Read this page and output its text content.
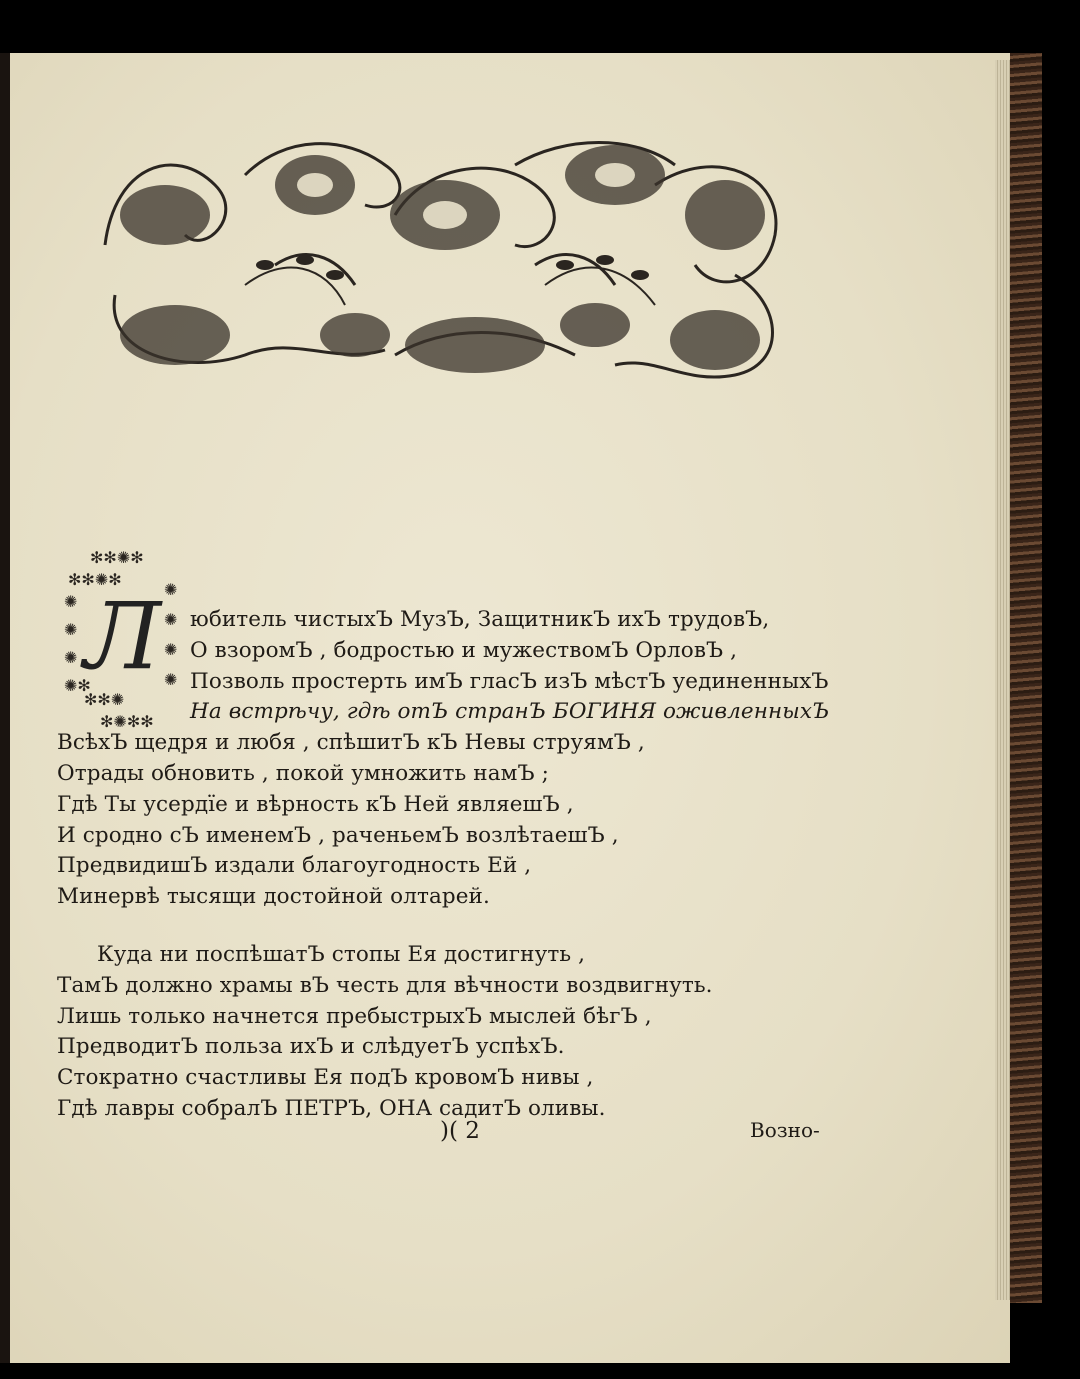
✻✻✺✻
✻✻✺✻
✺
✺
✺
✺✻
✻✻✺
✻✺✻✻
✺
✺
✺
✺
Л	юбитель чистыхЪ МузЪ, ЗащитникЪ ихЪ трудовЪ,
О взоромЪ , бодростью и мужествомЪ ОрловЪ ,
Позволь простерть имЪ гласЪ изЪ мѣстЪ уединенныхЪ
На встрѣчу, гдѣ отЪ странЪ БОГИНЯ оживленныхЪ
ВсѣхЪ щедря и любя , спѣшитЪ кЪ Невы струямЪ ,
Отрады обновить , покой умножить намЪ ;
Гдѣ Ты усердїе и вѣрность кЪ Ней являешЪ ,
И сродно сЪ именемЪ , раченьемЪ возлѣтаешЪ ,
ПредвидишЪ издали благоугодность Ей ,
Минервѣ тысящи достойной олтарей.
Куда ни поспѣшатЪ стопы Ея достигнуть ,
ТамЪ должно храмы вЪ честь для вѣчности воздвигнуть.
Лишь только начнется пребыстрыхЪ мыслей бѣгЪ ,
ПредводитЪ польза ихЪ и слѣдуетЪ успѣхЪ.
Стократно счастливы Ея подЪ кровомЪ нивы ,
Гдѣ лавры собралЪ ПЕТРЪ, ОНА садитЪ оливы.
)( 2	Возно-
